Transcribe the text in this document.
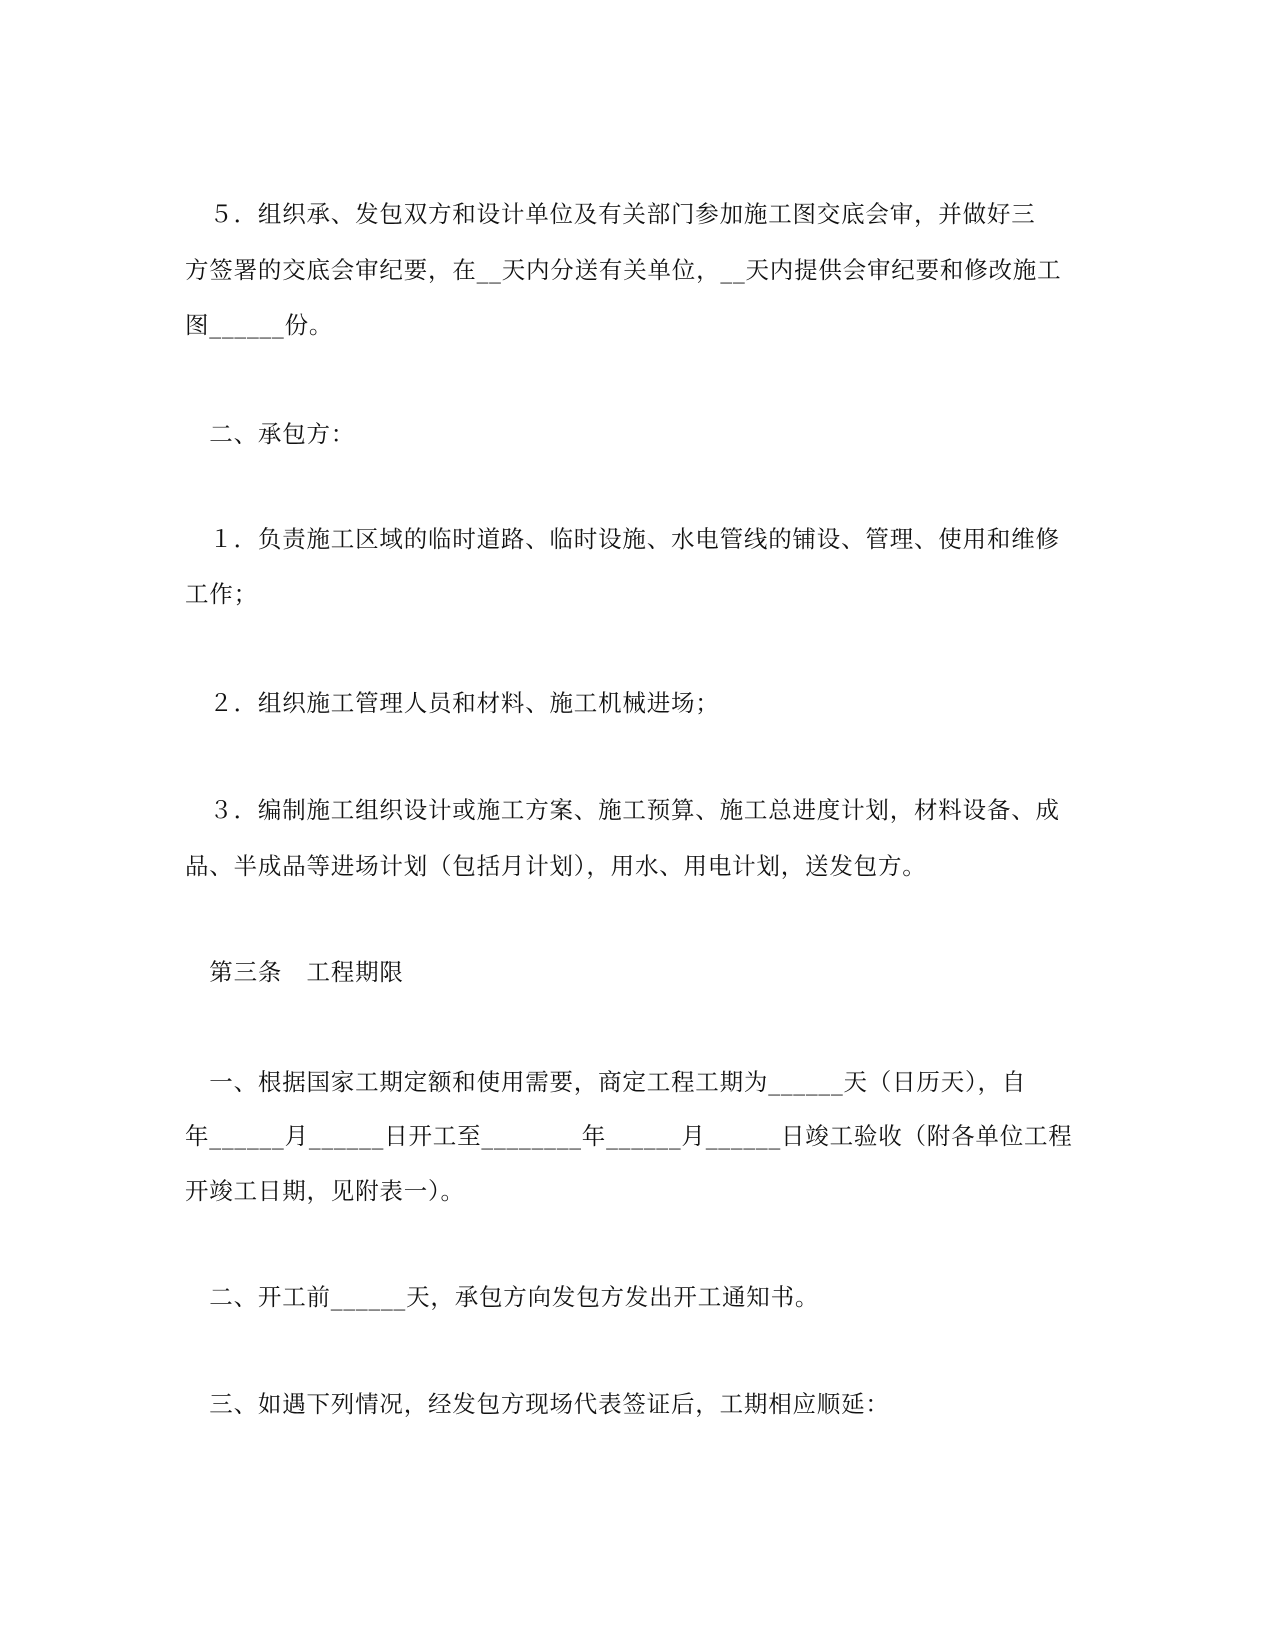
　５．组织承、发包双方和设计单位及有关部门参加施工图交底会审，并做好三
方签署的交底会审纪要，在__天内分送有关单位，__天内提供会审纪要和修改施工
图______份。
　二、承包方：
　１．负责施工区域的临时道路、临时设施、水电管线的铺设、管理、使用和维修
工作；
　２．组织施工管理人员和材料、施工机械进场；
　３．编制施工组织设计或施工方案、施工预算、施工总进度计划，材料设备、成
品、半成品等进场计划（包括月计划），用水、用电计划，送发包方。
　第三条　工程期限
　一、根据国家工期定额和使用需要，商定工程工期为______天（日历天），自
年______月______日开工至________年______月______日竣工验收（附各单位工程
开竣工日期，见附表一）。
　二、开工前______天，承包方向发包方发出开工通知书。
　三、如遇下列情况，经发包方现场代表签证后，工期相应顺延：
